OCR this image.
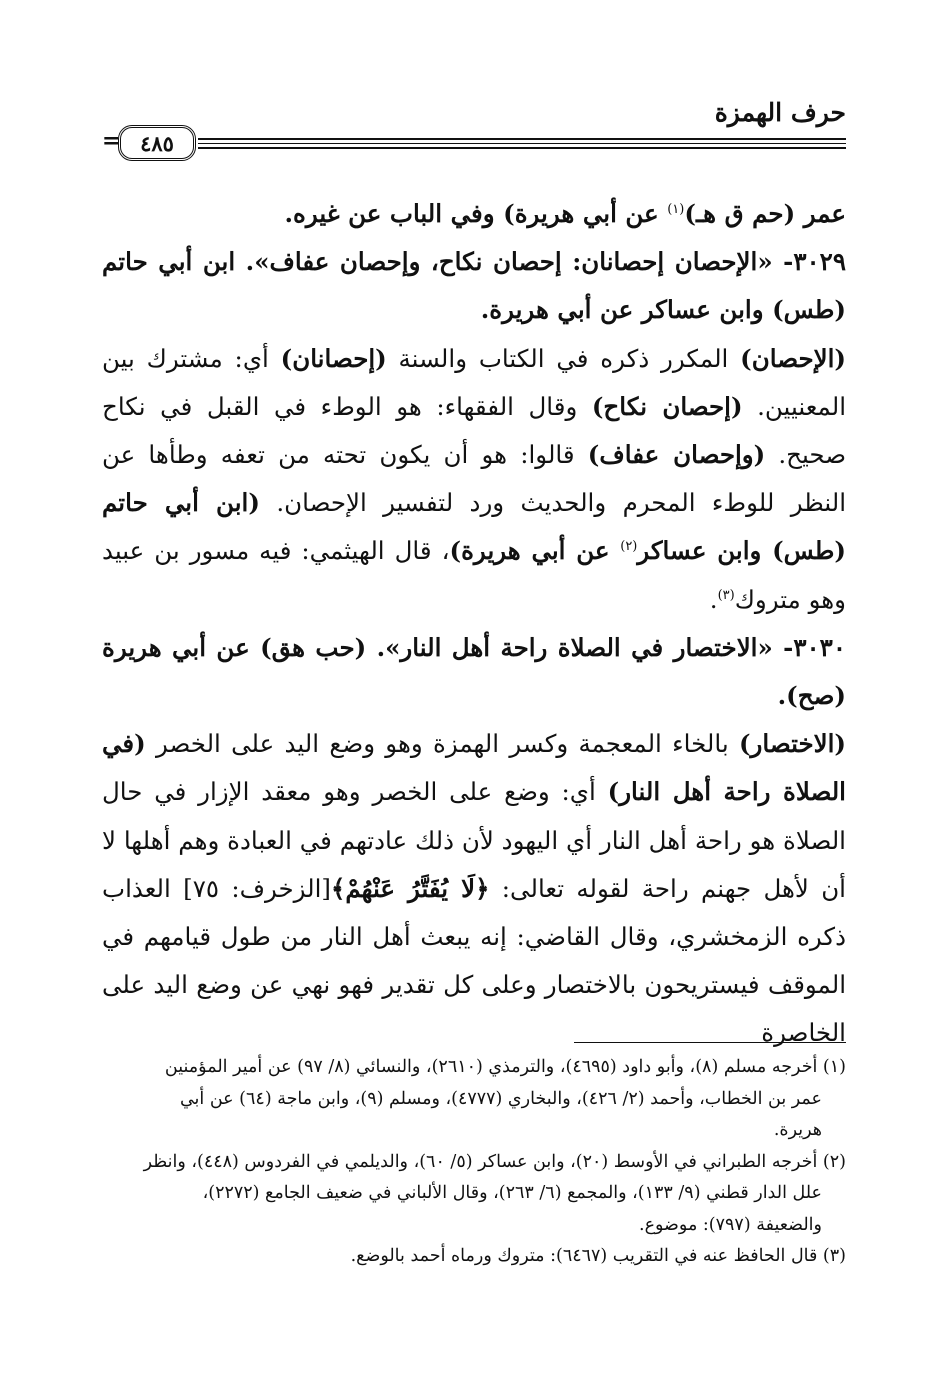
حرف الهمزة
٤٨٥
=

عمر (حم ق هـ)$^{(١)}$ عن أبي هريرة) وفي الباب عن غيره.

٣٠٢٩- «الإحصان إحصانان: إحصان نكاح، وإحصان عفاف». ابن أبي حاتم (طس) وابن عساكر عن أبي هريرة.

(الإحصان) المكرر ذكره في الكتاب والسنة (إحصانان) أي: مشترك بين المعنيين. (إحصان نكاح) وقال الفقهاء: هو الوطء في القبل في نكاح صحيح. (وإحصان عفاف) قالوا: هو أن يكون تحته من تعفه وطأها عن النظر للوطء المحرم والحديث ورد لتفسير الإحصان. (ابن أبي حاتم (طس) وابن عساكر$^{(٢)}$ عن أبي هريرة)، قال الهيثمي: فيه مسور بن عبيد وهو متروك$^{(٣)}$.

٣٠٣٠- «الاختصار في الصلاة راحة أهل النار». (حب هق) عن أبي هريرة (صح).

(الاختصار) بالخاء المعجمة وكسر الهمزة وهو وضع اليد على الخصر (في الصلاة راحة أهل النار) أي: وضع على الخصر وهو معقد الإزار في حال الصلاة هو راحة أهل النار أي اليهود لأن ذلك عادتهم في العبادة وهم أهلها لا أن لأهل جهنم راحة لقوله تعالى: ﴿لَا يُفَتَّرُ عَنْهُمْ﴾[الزخرف: ٧٥] العذاب ذكره الزمخشري، وقال القاضي: إنه يبعث أهل النار من طول قيامهم في الموقف فيستريحون بالاختصار وعلى كل تقدير فهو نهي عن وضع اليد على الخاصرة

(١) أخرجه مسلم (٨)، وأبو داود (٤٦٩٥)، والترمذي (٢٦١٠)، والنسائي (٨/ ٩٧) عن أمير المؤمنين

عمر بن الخطاب، وأحمد (٢/ ٤٢٦)، والبخاري (٤٧٧٧)، ومسلم (٩)، وابن ماجة (٦٤) عن أبي

هريرة.

(٢) أخرجه الطبراني في الأوسط (٢٠)، وابن عساكر (٥/ ٦٠)، والديلمي في الفردوس (٤٤٨)، وانظر

علل الدار قطني (٩/ ١٣٣)، والمجمع (٦/ ٢٦٣)، وقال الألباني في ضعيف الجامع (٢٢٧٢)،

والضعيفة (٧٩٧): موضوع.

(٣) قال الحافظ عنه في التقريب (٦٤٦٧): متروك ورماه أحمد بالوضع.
